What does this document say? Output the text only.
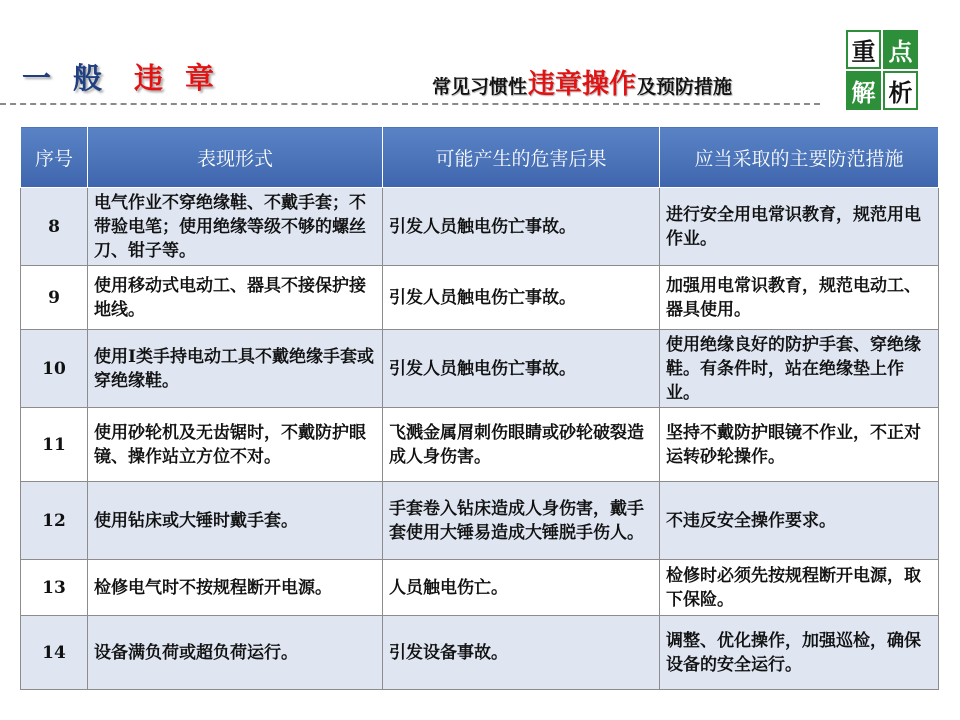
一 般 违 章	常见习惯性 违章操作 及预防措施
重 点
解 析
序号	表现形式	可能产生的危害后果	应当采取的主要防范措施
8	电气作业不穿绝缘鞋、不戴手套；不带验电笔；使用绝缘等级不够的螺丝刀、钳子等。	引发人员触电伤亡事故。	进行安全用电常识教育，规范用电作业。
9	使用移动式电动工、器具不接保护接地线。	引发人员触电伤亡事故。	加强用电常识教育，规范电动工、器具使用。
10	使用I类手持电动工具不戴绝缘手套或穿绝缘鞋。	引发人员触电伤亡事故。	使用绝缘良好的防护手套、穿绝缘鞋。有条件时，站在绝缘垫上作业。
11	使用砂轮机及无齿锯时，不戴防护眼镜、操作站立方位不对。	飞溅金属屑刺伤眼睛或砂轮破裂造成人身伤害。	坚持不戴防护眼镜不作业，不正对运转砂轮操作。
12	使用钻床或大锤时戴手套。	手套卷入钻床造成人身伤害，戴手套使用大锤易造成大锤脱手伤人。	不违反安全操作要求。
13	检修电气时不按规程断开电源。	人员触电伤亡。	检修时必须先按规程断开电源，取下保险。
14	设备满负荷或超负荷运行。	引发设备事故。	调整、优化操作，加强巡检，确保设备的安全运行。
